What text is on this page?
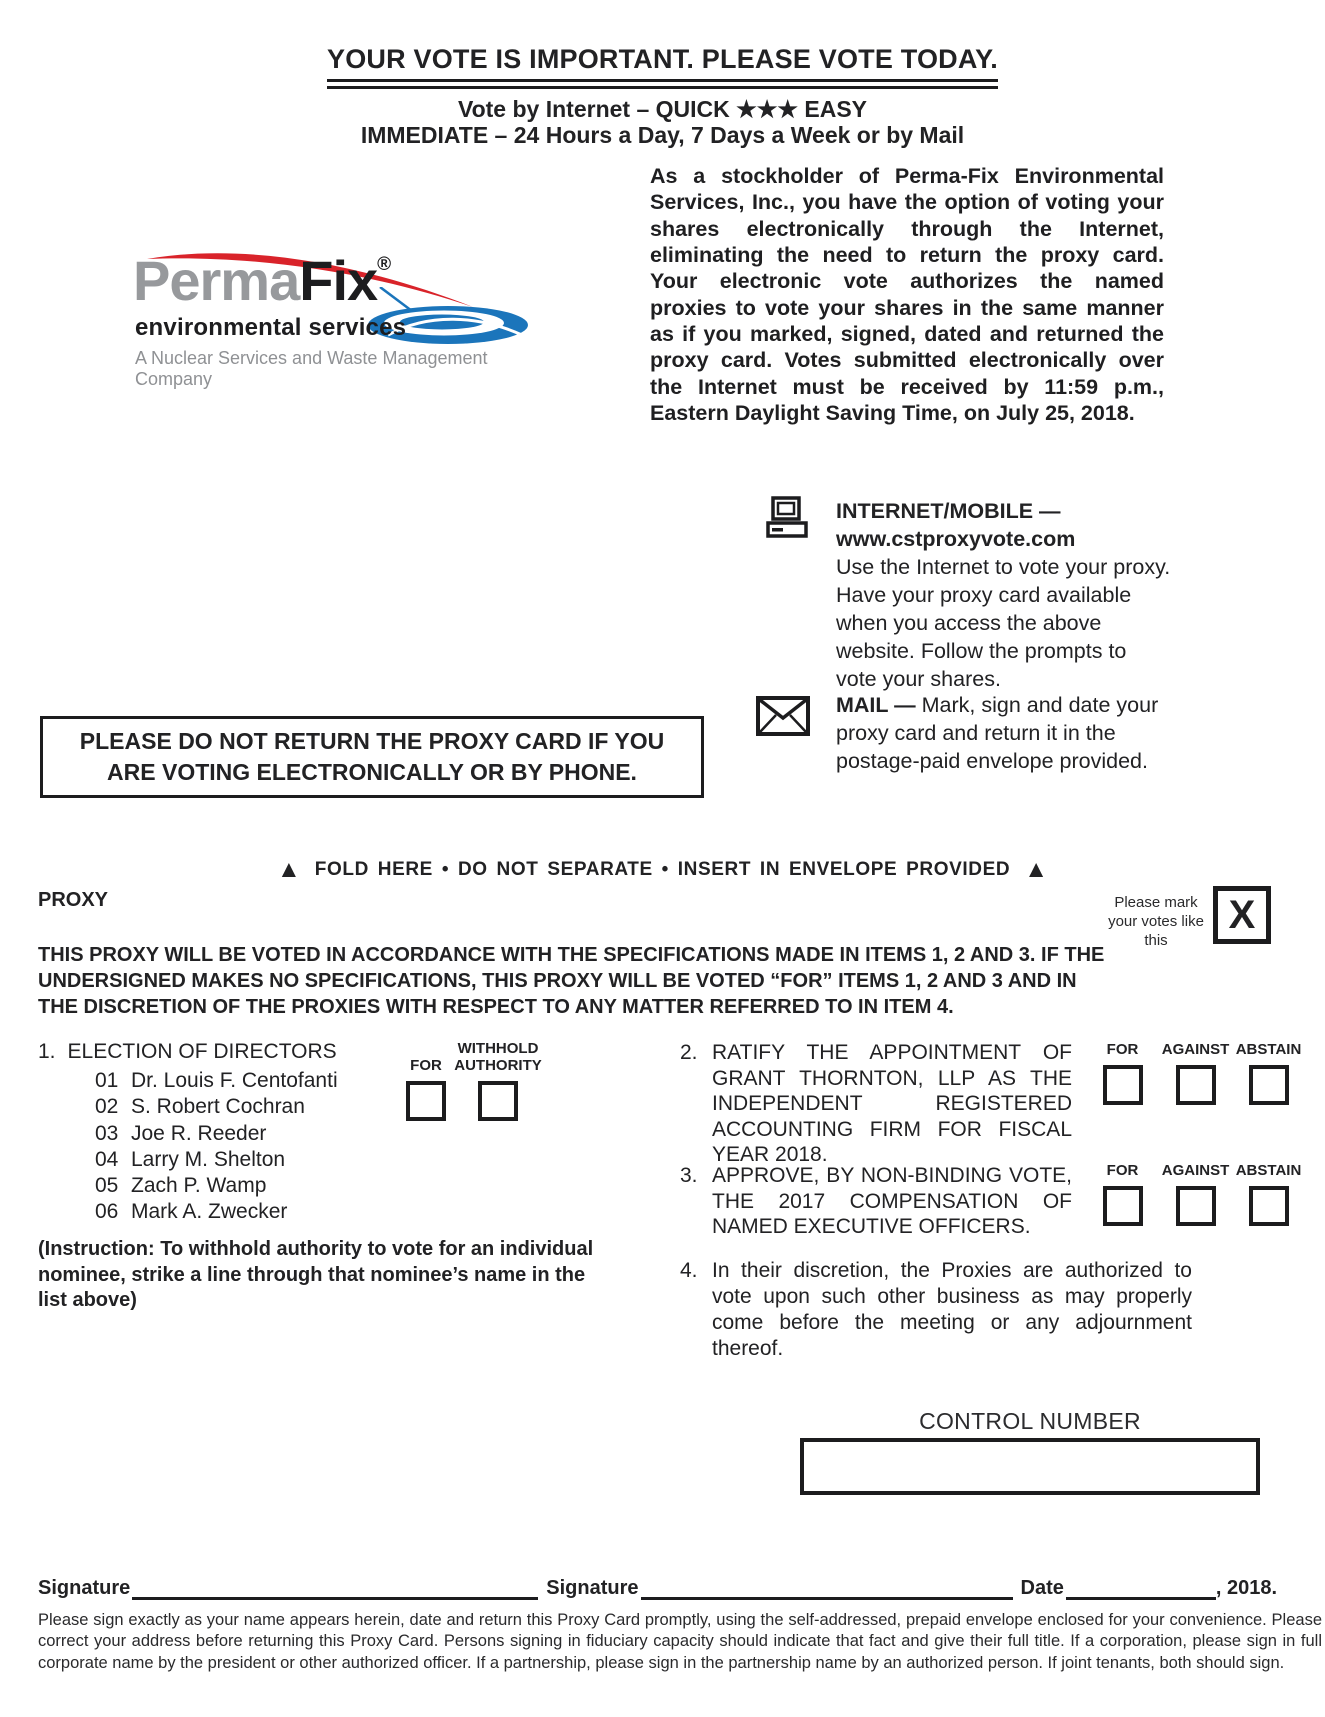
YOUR VOTE IS IMPORTANT. PLEASE VOTE TODAY.
Vote by Internet – QUICK ★★★ EASY
IMMEDIATE – 24 Hours a Day, 7 Days a Week or by Mail
PermaFix®
environmental services
A Nuclear Services and Waste Management Company
As a stockholder of Perma-Fix Environmental Services, Inc., you have the option of voting your shares electronically through the Internet, eliminating the need to return the proxy card. Your electronic vote authorizes the named proxies to vote your shares in the same manner as if you marked, signed, dated and returned the proxy card. Votes submitted electronically over the Internet must be received by 11:59 p.m., Eastern Daylight Saving Time, on July 25, 2018.
INTERNET/MOBILE —
www.cstproxyvote.com
Use the Internet to vote your proxy. Have your proxy card available when you access the above website. Follow the prompts to vote your shares.
MAIL — Mark, sign and date your proxy card and return it in the postage-paid envelope provided.
PLEASE DO NOT RETURN THE PROXY CARD IF YOU ARE VOTING ELECTRONICALLY OR BY PHONE.
▲ FOLD HERE • DO NOT SEPARATE • INSERT IN ENVELOPE PROVIDED ▲
PROXY	Please mark your votes like this
X
THIS PROXY WILL BE VOTED IN ACCORDANCE WITH THE SPECIFICATIONS MADE IN ITEMS 1, 2 AND 3. IF THE UNDERSIGNED MAKES NO SPECIFICATIONS, THIS PROXY WILL BE VOTED “FOR” ITEMS 1, 2 AND 3 AND IN THE DISCRETION OF THE PROXIES WITH RESPECT TO ANY MATTER REFERRED TO IN ITEM 4.
1. ELECTION OF DIRECTORS
01 Dr. Louis F. Centofanti
02 S. Robert Cochran
03 Joe R. Reeder
04 Larry M. Shelton
05 Zach P. Wamp
06 Mark A. Zwecker
FOR
WITHHOLD AUTHORITY
(Instruction: To withhold authority to vote for an individual nominee, strike a line through that nominee’s name in the list above)
2. RATIFY THE APPOINTMENT OF GRANT THORNTON, LLP AS THE INDEPENDENT REGISTERED ACCOUNTING FIRM FOR FISCAL YEAR 2018.
FOR AGAINST ABSTAIN
3. APPROVE, BY NON-BINDING VOTE, THE 2017 COMPENSATION OF NAMED EXECUTIVE OFFICERS.
FOR AGAINST ABSTAIN
4. In their discretion, the Proxies are authorized to vote upon such other business as may properly come before the meeting or any adjournment thereof.
CONTROL NUMBER
Signature	Signature	Date	, 2018.
Please sign exactly as your name appears herein, date and return this Proxy Card promptly, using the self-addressed, prepaid envelope enclosed for your convenience. Please correct your address before returning this Proxy Card. Persons signing in fiduciary capacity should indicate that fact and give their full title. If a corporation, please sign in full corporate name by the president or other authorized officer. If a partnership, please sign in the partnership name by an authorized person. If joint tenants, both should sign.
